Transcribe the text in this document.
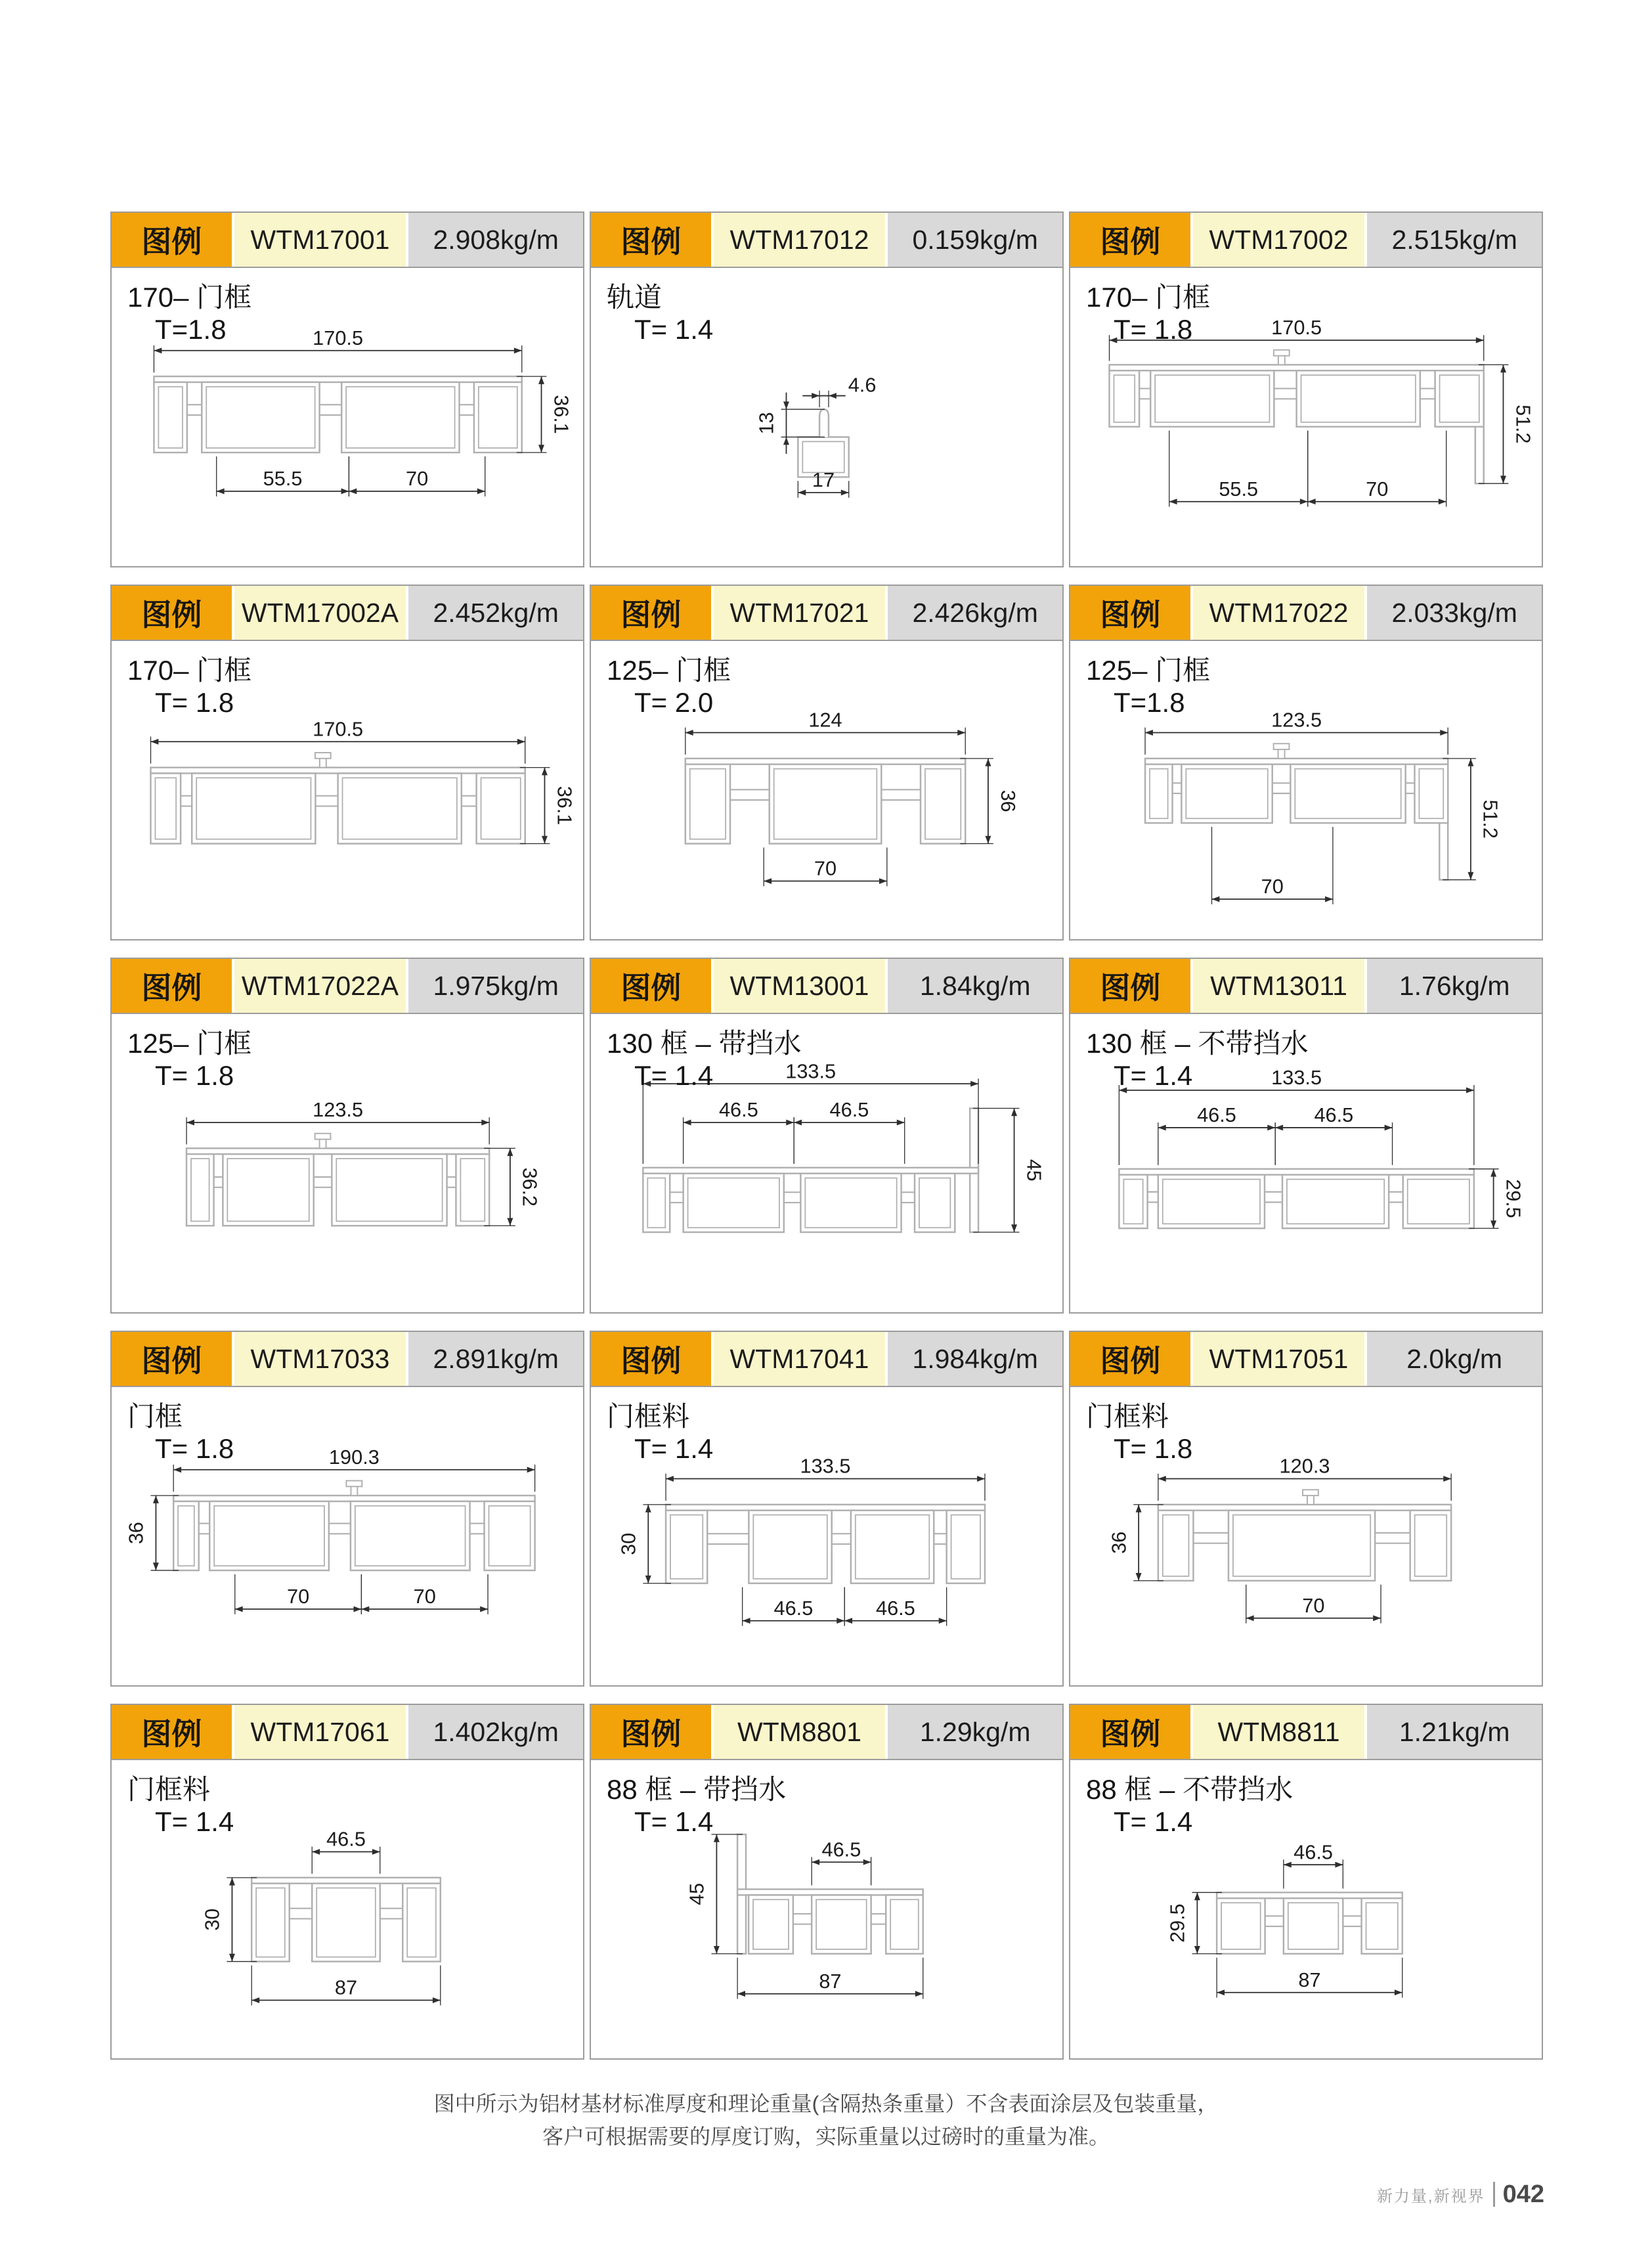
图例	WTM17001	2.908kg/m
170– 门框
T=1.8	170.5
55.5	70
36.1
图例	WTM17012	0.159kg/m
轨道
T= 1.4
4.6
13
17
图例	WTM17002	2.515kg/m
170– 门框
T= 1.8	170.5
55.5	70
51.2
图例	WTM17002A	2.452kg/m
170– 门框
T= 1.8
170.5
36.1
图例	WTM17021	2.426kg/m
125– 门框
T= 2.0
124
70
36
图例	WTM17022	2.033kg/m
125– 门框
T=1.8
123.5
70
51.2
图例	WTM17022A	1.975kg/m
125– 门框
T= 1.8
123.5
36.2
图例	WTM13001	1.84kg/m
130 框 – 带挡水
T= 1.4	133.5
46.5	46.5
45
图例	WTM13011	1.76kg/m
130 框 – 不带挡水
T= 1.4	133.5
46.5	46.5
29.5
图例	WTM17033	2.891kg/m
门框
T= 1.8	190.3
70	70
36
图例	WTM17041	1.984kg/m
门框料
T= 1.4
133.5
46.5	46.5
30
图例	WTM17051	2.0kg/m
门框料
T= 1.8
120.3
70
36
图例	WTM17061	1.402kg/m
门框料
T= 1.4
46.5
87
30
图例	WTM8801	1.29kg/m
88 框 – 带挡水
T= 1.4
46.5
87
45
图例	WTM8811	1.21kg/m
88 框 – 不带挡水
T= 1.4
46.5
87
29.5
图中所示为铝材基材标准厚度和理论重量(含隔热条重量）不含表面涂层及包装重量，
客户可根据需要的厚度订购，实际重量以过磅时的重量为准。
新力量,新视界 042
